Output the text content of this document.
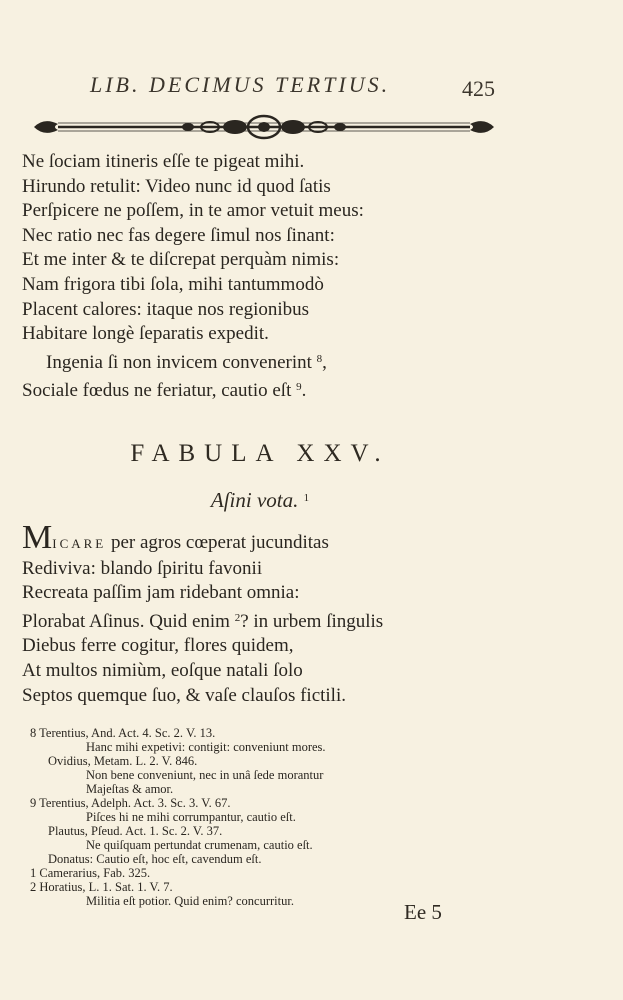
LIB. DECIMUS TERTIUS.	425
Ne ſociam itineris eſſe te pigeat mihi.
Hirundo retulit: Video nunc id quod ſatis
Perſpicere ne poſſem, in te amor vetuit meus:
Nec ratio nec fas degere ſimul nos ſinant:
Et me inter & te diſcrepat perquàm nimis:
Nam frigora tibi ſola, mihi tantummodò
Placent calores: itaque nos regionibus
Habitare longè ſeparatis expedit.
Ingenia ſi non invicem convenerint $^8$,
Sociale fœdus ne feriatur, cautio eſt $^9$.
FABULA XXV.
Aſini vota. $^1$
MICARE per agros cœperat jucunditas
Rediviva: blando ſpiritu favonii
Recreata paſſim jam ridebant omnia:
Plorabat Aſinus. Quid enim $^2$? in urbem ſingulis
Diebus ferre cogitur, flores quidem,
At multos nimiùm, eoſque natali ſolo
Septos quemque ſuo, & vaſe clauſos fictili.
8 Terentius, And. Act. 4. Sc. 2. V. 13.
Hanc mihi expetivi: contigit: conveniunt mores.
Ovidius, Metam. L. 2. V. 846.
Non bene conveniunt, nec in unâ ſede morantur
Majeſtas & amor.
9 Terentius, Adelph. Act. 3. Sc. 3. V. 67.
Piſces hi ne mihi corrumpantur, cautio eſt.
Plautus, Pſeud. Act. 1. Sc. 2. V. 37.
Ne quiſquam pertundat crumenam, cautio eſt.
Donatus: Cautio eſt, hoc eſt, cavendum eſt.
1 Camerarius, Fab. 325.
2 Horatius, L. 1. Sat. 1. V. 7.
Militia eſt potior. Quid enim? concurritur.	Ee 5
